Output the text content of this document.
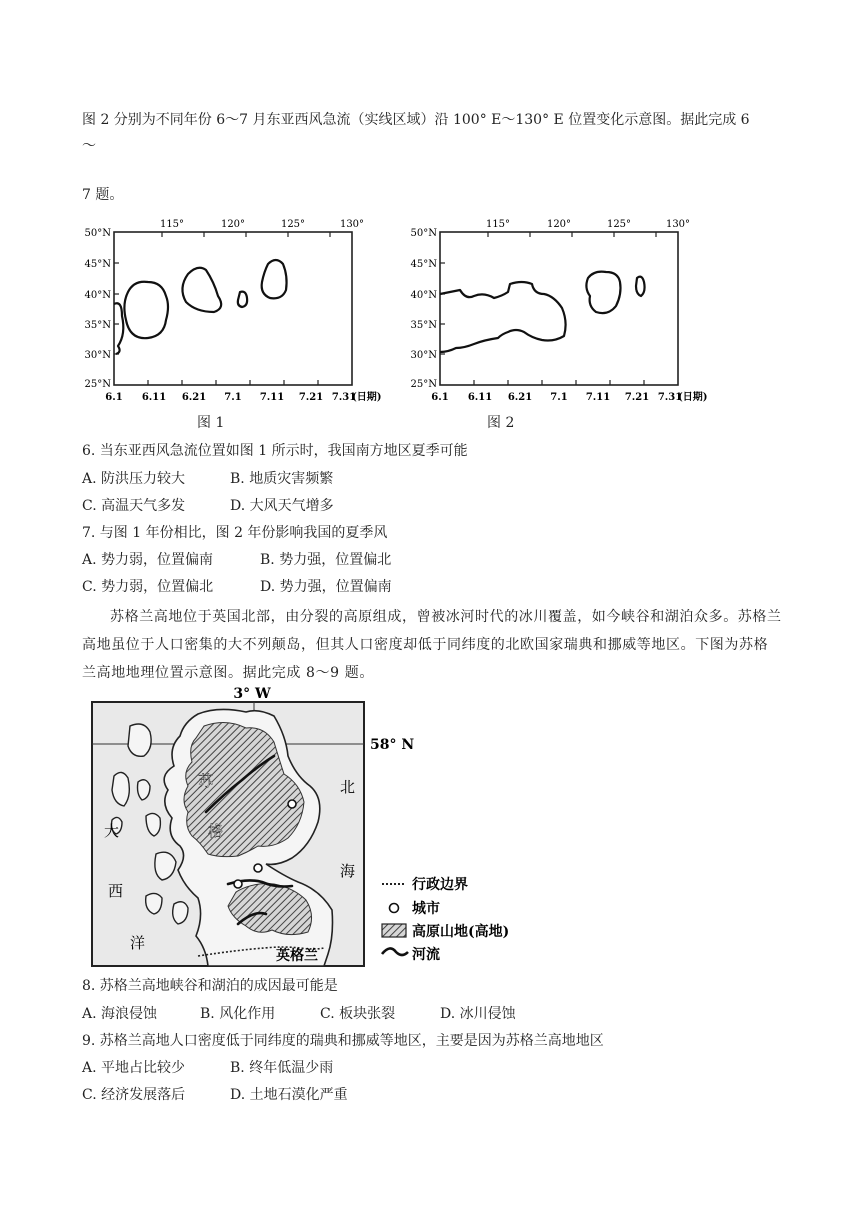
图 2 分别为不同年份 6～7 月东亚西风急流（实线区域）沿 100° E～130° E 位置变化示意图。据此完成 6
～
7 题。
50°N
45°N
40°N
35°N
30°N
25°N
115°	120°	125°	130°
6.1 6.11 6.21 7.1 7.11 7.21 7.31
(日期)
图 1
50°N
45°N
40°N
35°N
30°N
25°N
115°	120°	125°	130°
6.1 6.11 6.21 7.1 7.11 7.21 7.31
(日期)
图 2
6. 当东亚西风急流位置如图 1 所示时，我国南方地区夏季可能
A. 防洪压力较大	B. 地质灾害频繁
C. 高温天气多发	D. 大风天气增多
7. 与图 1 年份相比，图 2 年份影响我国的夏季风
A. 势力弱，位置偏南	B. 势力强，位置偏北
C. 势力弱，位置偏北	D. 势力强，位置偏南
苏格兰高地位于英国北部，由分裂的高原组成，曾被冰河时代的冰川覆盖，如今峡谷和湖泊众多。苏格兰高地虽位于人口密集的大不列颠岛，但其人口密度却低于同纬度的北欧国家瑞典和挪威等地区。下图为苏格兰高地地理位置示意图。据此完成 8～9 题。
3° W
58° N
北
海
大
西
洋
苏
格
英格兰
行政边界
城市
高原山地(高地)
河流
8. 苏格兰高地峡谷和湖泊的成因最可能是
A. 海浪侵蚀	B. 风化作用	C. 板块张裂	D. 冰川侵蚀
9. 苏格兰高地人口密度低于同纬度的瑞典和挪威等地区，主要是因为苏格兰高地地区
A. 平地占比较少	B. 终年低温少雨
C. 经济发展落后	D. 土地石漠化严重
